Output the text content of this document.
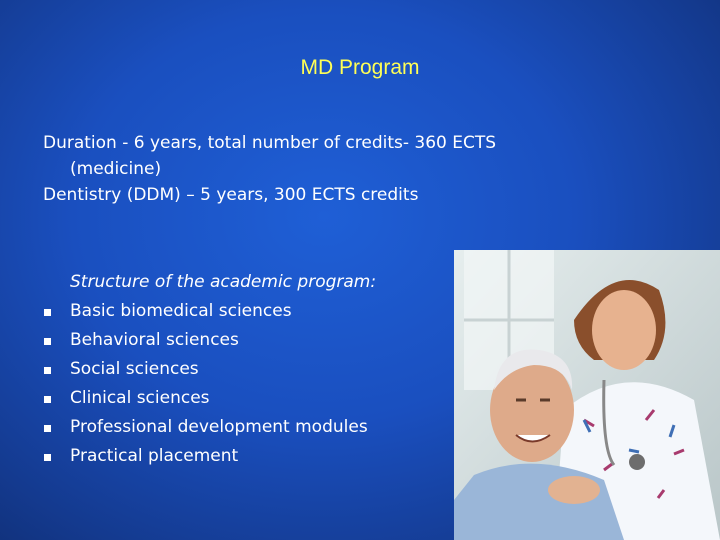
MD Program
Duration - 6 years, total number of credits- 360 ECTS
(medicine)
Dentistry (DDM) – 5 years, 300 ECTS credits
Structure of the academic program:
Basic biomedical sciences
Behavioral sciences
Social sciences
Clinical sciences
Professional development modules
Practical placement
